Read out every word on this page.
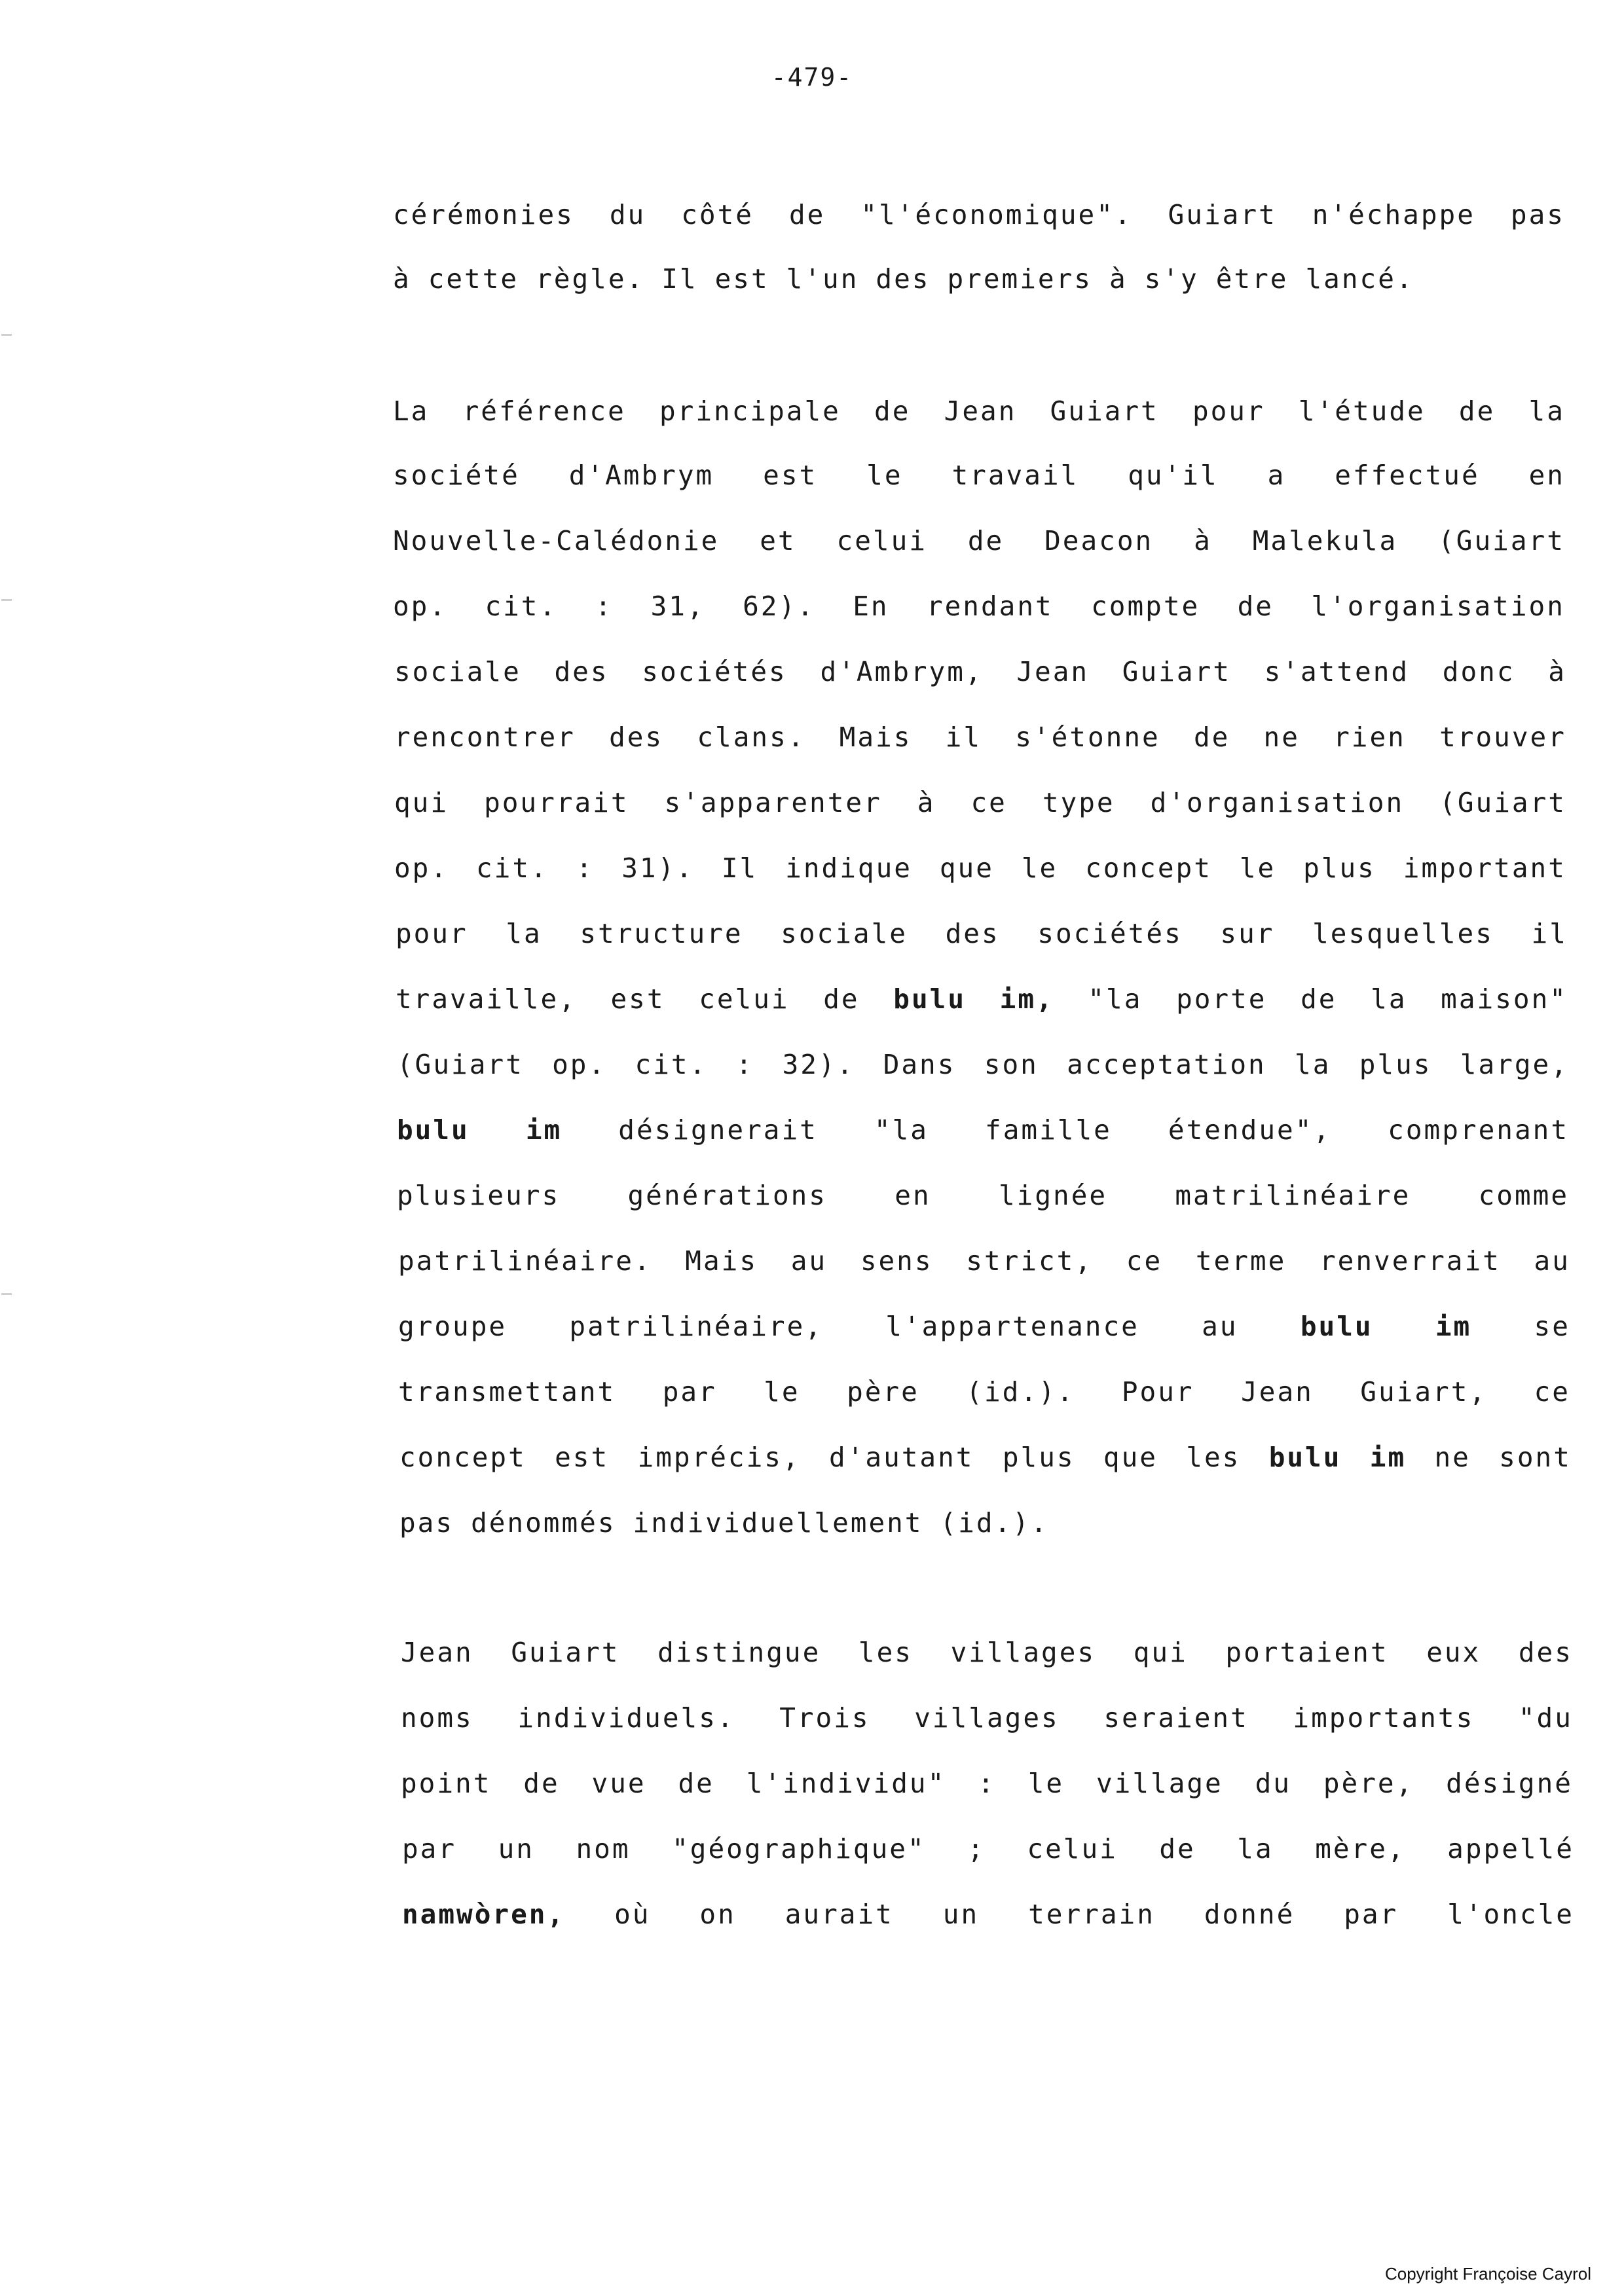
-479-
cérémonies du côté de "l'économique". Guiart n'échappe pas
à cette règle. Il est l'un des premiers à s'y être lancé.
La référence principale de Jean Guiart pour l'étude de la
société d'Ambrym est le travail qu'il a effectué en
Nouvelle-Calédonie et celui de Deacon à Malekula (Guiart
op. cit. : 31, 62). En rendant compte de l'organisation
sociale des sociétés d'Ambrym, Jean Guiart s'attend donc à
rencontrer des clans. Mais il s'étonne de ne rien trouver
qui pourrait s'apparenter à ce type d'organisation (Guiart
op. cit. : 31). Il indique que le concept le plus important
pour la structure sociale des sociétés sur lesquelles il
travaille, est celui de bulu im, "la porte de la maison"
(Guiart op. cit. : 32). Dans son acceptation la plus large,
bulu im désignerait "la famille étendue", comprenant
plusieurs	générations	en	lignée	matrilinéaire	comme
patrilinéaire. Mais au sens strict, ce terme renverrait au
groupe patrilinéaire, l'appartenance au bulu im se
transmettant par le père (id.). Pour Jean Guiart, ce
concept est imprécis, d'autant plus que les bulu im ne sont
pas dénommés individuellement (id.).
Jean Guiart distingue les villages qui portaient eux des
noms individuels. Trois villages seraient importants "du
point de vue de l'individu" : le village du père, désigné
par un nom "géographique" ; celui de la mère, appellé
namwòren, où on aurait un terrain donné par l'oncle
Copyright Françoise Cayrol
